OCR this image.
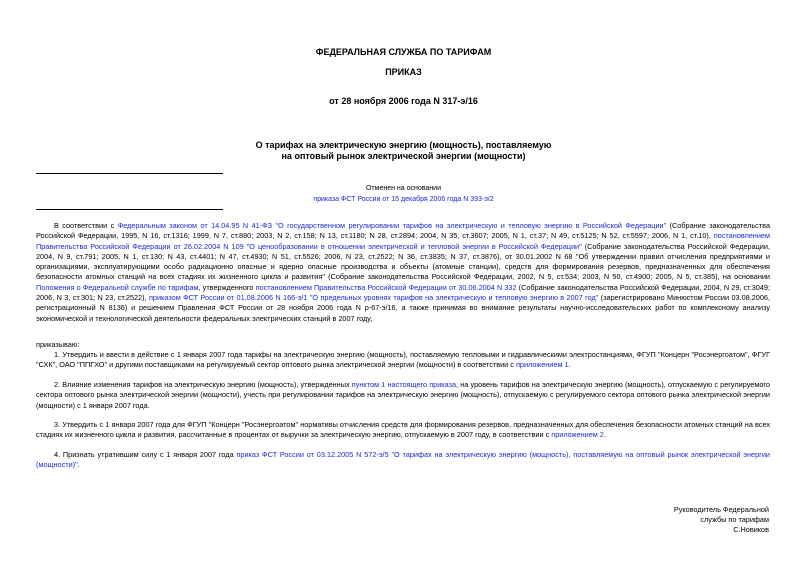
ФЕДЕРАЛЬНАЯ СЛУЖБА ПО ТАРИФАМ
ПРИКАЗ
от 28 ноября 2006 года N 317-э/16
О тарифах на электрическую энергию (мощность), поставляемую
на оптовый рынок электрической энергии (мощности)
Отменен на основании
приказа ФСТ России от 15 декабря 2006 года N 393-э/2

В соответствии с Федеральным законом от 14.04.95 N 41-ФЗ "О государственном регулировании тарифов на электрическую и тепловую энергию в Российской Федерации" (Собрание законодательства Российской Федерации, 1995, N 16, ст.1316; 1999, N 7, ст.880; 2003, N 2, ст.158; N 13, ст.1180; N 28, ст.2894; 2004, N 35, ст.3607; 2005, N 1, ст.37; N 49, ст.5125; N 52, ст.5597; 2006, N 1, ст.10), постановлением Правительства Российской Федерации от 26.02.2004 N 109 "О ценообразовании в отношении электрической и тепловой энергии в Российской Федерации" (Собрание законодательства Российской Федерации, 2004, N 9, ст.791; 2005, N 1, ст.130; N 43, ст.4401; N 47, ст.4930; N 51, ст.5526; 2006, N 23, ст.2522; N 36, ст.3835; N 37, ст.3876), от 30.01.2002 N 68 "Об утверждении правил отчисления предприятиями и организациями, эксплуатирующими особо радиационно опасные и ядерно опасные производства и объекты (атомные станции), средств для формирования резервов, предназначенных для обеспечения безопасности атомных станций на всех стадиях их жизненного цикла и развития" (Собрание законодательства Российской Федерации, 2002, N 5, ст.534; 2003, N 50, ст.4900; 2005, N 5, ст.385), на основании Положения о Федеральной службе по тарифам, утвержденного постановлением Правительства Российской Федерации от 30.06.2004 N 332 (Собрание законодательства Российской Федерации, 2004, N 29, ст.3049; 2006, N 3, ст.301; N 23, ст.2522), приказом ФСТ России от 01.08.2006 N 166-э/1 "О предельных уровнях тарифов на электрическую и тепловую энергию в 2007 год" (зарегистрировано Минюстом России 03.08.2006, регистрационный N 8136) и решением Правления ФСТ России от 28 ноября 2006 года N р-67-э/16, а также принимая во внимание результаты научно-исследовательских работ по комплексному анализу экономической и технологической деятельности федеральных электрических станций в 2007 году,

приказываю:

1. Утвердить и ввести в действие с 1 января 2007 года тарифы на электрическую энергию (мощность), поставляемую тепловыми и гидравлическими электростанциями, ФГУП "Концерн "Росэнергоатом", ФГУГ "СХК", ОАО "ППГХО" и другими поставщиками на регулируемый сектор оптового рынка электрической энергии (мощности) в соответствии с приложением 1.

2. Влияние изменения тарифов на электрическую энергию (мощность), утвержденных пунктом 1 настоящего приказа, на уровень тарифов на электрическую энергию (мощность), отпускаемую с регулируемого сектора оптового рынка электрической энергии (мощности), учесть при регулировании тарифов на электрическую энергию (мощность), отпускаемую с регулируемого сектора оптового рынка электрической энергии (мощности) с 1 января 2007 года.

3. Утвердить с 1 января 2007 года для ФГУП "Концерн "Росэнергоатом" нормативы отчисления средств для формирования резервов, предназначенных для обеспечения безопасности атомных станций на всех стадиях их жизненного цикла и развития, рассчитанные в процентах от выручки за электрическую энергию, отпускаемую в 2007 году, в соответствии с приложением 2.

4. Признать утратившим силу с 1 января 2007 года приказ ФСТ России от 03.12.2005 N 572-э/5 "О тарифах на электрическую энергию (мощность), поставляемую на оптовый рынок электрической энергии (мощности)".

Руководитель Федеральной
службы по тарифам
С.Новиков
